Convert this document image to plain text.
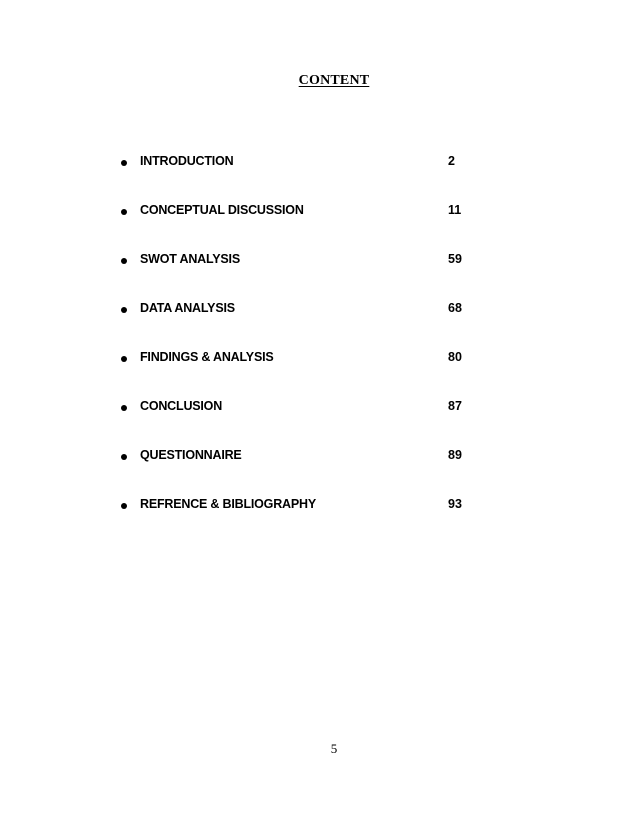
CONTENT
INTRODUCTION	2
CONCEPTUAL DISCUSSION	11
SWOT ANALYSIS	59
DATA ANALYSIS	68
FINDINGS & ANALYSIS	80
CONCLUSION	87
QUESTIONNAIRE	89
REFRENCE & BIBLIOGRAPHY	93
5
